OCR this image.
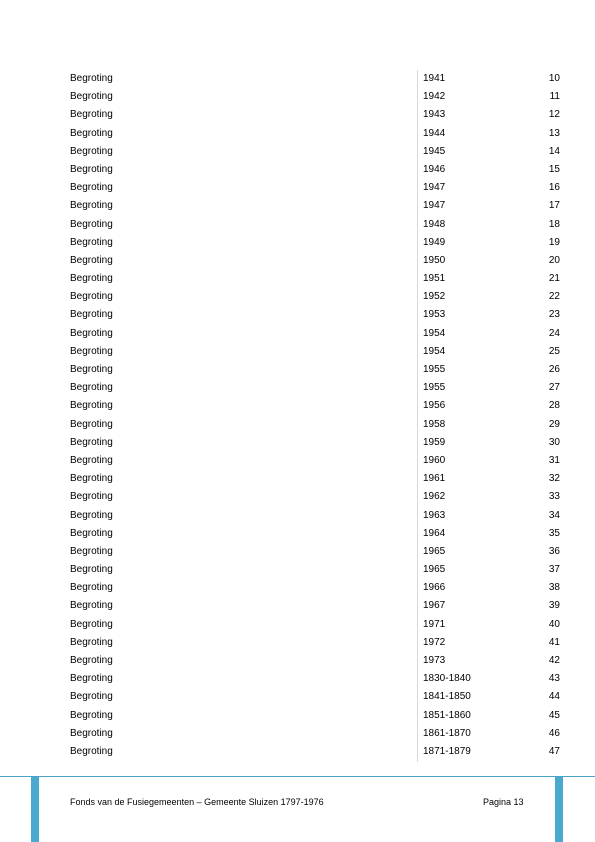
Begroting	1941	10
Begroting	1942	11
Begroting	1943	12
Begroting	1944	13
Begroting	1945	14
Begroting	1946	15
Begroting	1947	16
Begroting	1947	17
Begroting	1948	18
Begroting	1949	19
Begroting	1950	20
Begroting	1951	21
Begroting	1952	22
Begroting	1953	23
Begroting	1954	24
Begroting	1954	25
Begroting	1955	26
Begroting	1955	27
Begroting	1956	28
Begroting	1958	29
Begroting	1959	30
Begroting	1960	31
Begroting	1961	32
Begroting	1962	33
Begroting	1963	34
Begroting	1964	35
Begroting	1965	36
Begroting	1965	37
Begroting	1966	38
Begroting	1967	39
Begroting	1971	40
Begroting	1972	41
Begroting	1973	42
Begroting	1830-1840	43
Begroting	1841-1850	44
Begroting	1851-1860	45
Begroting	1861-1870	46
Begroting	1871-1879	47
Fonds van de Fusiegemeenten – Gemeente Sluizen 1797-1976	Pagina 13
